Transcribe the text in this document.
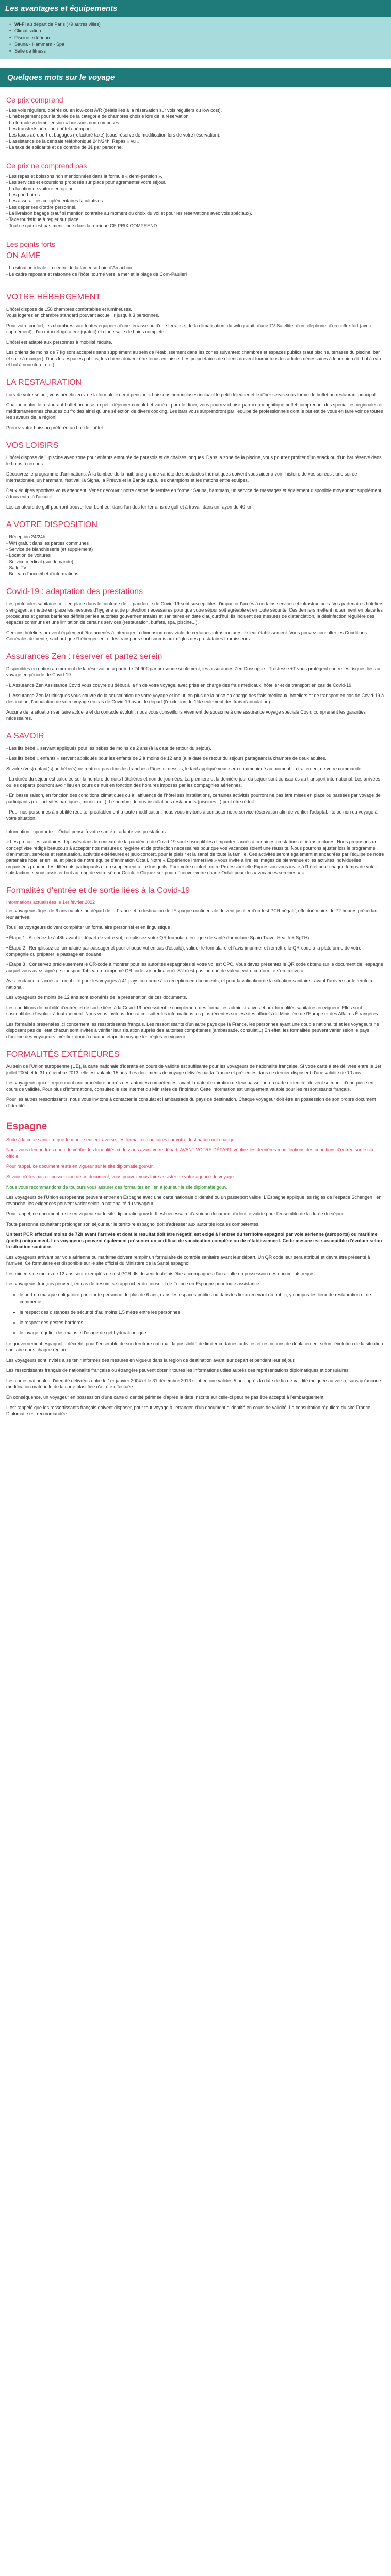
Les avantages et équipements
• Wi-Fi au départ de Paris (+9 autres villes)
• Climatisation
• Piscine extérieure
• Sauna - Hammam - Spa
• Salle de fitness
Quelques mots sur le voyage
Ce prix comprend
- Les vols réguliers, opérés ou en low-cost A/R (délais liés à la réservation sur vols réguliers ou low cost).
- L'hébergement pour la durée de la catégorie de chambres choisie lors de la réservation.
- La formule « demi-pension » boissons non comprises.
- Les transferts aéroport / hôtel / aéroport
- Les taxes aéroport et bagages (refacturé taxe) (sous réserve de modification lors de votre réservation).
- L'assistance de la centrale téléphonique 24h/24h. Repas « vu ».
- La taxe de solidarité et de contrôle de 3€ par personne.
Ce prix ne comprend pas
- Les repas et boissons non mentionnées dans la formule « demi-pension ».
- Les services et excursions proposés sur place pour agrémenter votre séjour.
- La location de voiture en option.
- Les pourboires.
- Les assurances complémentaires facultatives.
- Les dépenses d'ordre personnel.
- La livraison bagage (sauf si mention contraire au moment du choix du vol et pour les réservations avec vols spéciaux).
- Taxe touristique à régler sur place.
- Tout ce qui n'est pas mentionné dans la rubrique CE PRIX COMPREND.
Les points forts
ON AIME
- La situation idéale au centre de la fameuse baie d'Arcachon.
- Le cadre reposant et raisonné de l'hôtel tourné vers la mer et la plage de Corn-Paulier!
VOTRE HÉBERGEMENT

L'hôtel dispose de 158 chambres confortables et lumineuses.
Vous logerez en chambre standard pouvant accueillir jusqu'à 3 personnes.

Pour votre confort, les chambres sont toutes équipées d'une terrasse ou d'une terrasse, de la climatisation, du wifi gratuit, d'une TV Satellite, d'un téléphone, d'un coffre-fort (avec supplément), d'un mini réfrigérateur (gratuit) et d'une salle de bains complète.

L'hôtel est adapté aux personnes à mobilité réduite.

Les chiens de moins de 7 kg sont acceptés sans supplément au sein de l'établissement dans les zones suivantes: chambres et espaces publics (sauf piscine, terrasse du piscine, bar et salle à manger). Dans les espaces publics, les chiens doivent être tenus en laisse. Les propriétaires de chiens doivent fournir tous les articles nécessaires à leur chien (lit, bol à eau et bol à nourriture, etc.).

LA RESTAURATION

Lors de votre séjour, vous bénéficierez de la formule « demi-pension » boissons non incluses incluant le petit-déjeuner et le dîner servis sous forme de buffet au restaurant principal.

Chaque matin, le restaurant buffet propose un petit-déjeuner complet et varié et pour le dîner, vous pourrez choisir parmi un magnifique buffet comprenant des spécialités régionales et méditerranéennes chaudes ou froides ainsi qu'une sélection de divers cooking. Les bars vous surprendront par l'équipe de professionnels dont le but est de vous en faire voir de toutes les saveurs de la région!

Prenez votre boisson préférée au bar de l'hôtel.

VOS LOISIRS

L'hôtel dispose de 1 piscine avec zone pour enfants entourée de parasols et de chaises longues. Dans la zone de la piscine, vous pourrez profiter d'un snack ou d'un bar réservé dans le bains à remous.

Découvrez le programme d'animations. À la tombée de la nuit, une grande variété de spectacles thématiques doivent vous aider à voir l'histoire de vos soirées : une soirée internationale, un hammam, festival, la Signa, la Preuve et la Bandelaque, les champions et les matchs entre équipes.

Deux équipes sportives vous attendent. Venez découvrir notre centre de remise en forme : Sauna, hammam, un service de massages et également disponible moyennant supplément à tous entre à l'accueil.

Les amateurs de golf pourront trouver leur bonheur dans l'un des ter-terrains de golf et à travail dans un rayon de 40 km.

A VOTRE DISPOSITION
- Réception 24/24h
- Wifi gratuit dans les parties communes
- Service de blanchisserie (et supplément)
- Location de voitures
- Service médical (sur demande)
- Salle TV
- Bureau d'accueil et d'informations
Covid-19 : adaptation des prestations

Les protocoles sanitaires mis en place dans le contexte de la pandémie de Covid-19 sont susceptibles d'impacter l'accès à certains services et infrastructures. Vos partenaires hôteliers s'engagent à mettre en place les mesures d'hygiène et de protection nécessaires pour que votre séjour soit agréable et en toute sécurité. Ces derniers mettent notamment en place les procédures et gestes barrières définis par les autorités gouvernementales et sanitaires en date d'aujourd'hui. Ils incluent des mesures de distanciation, la désinfection régulière des espaces communs et une limitation de certains services (restauration, buffets, spa, piscine...).

Certains hôteliers peuvent également être amenés à interroger la dimension conviviale de certaines infrastructures de leur établissement. Vous pouvez consulter les Conditions Générales de Vente, sachant que l'hébergement et les transports sont soumis aux règles des prestataires fournisseurs.

Assurances Zen : réserver et partez serein

Disponibles en option au moment de la réservation à partir de 24.90€ par personne seulement, les assurances Zen Dossoppe - Tréstesse +T vous protègent contre les risques liés au voyage en période de Covid-19.

- L'Assurance Zen Assistance Covid vous couvre du début à la fin de votre voyage, avec prise en charge des frais médicaux, hôtelier et de transport en cas de Covid-19.

- L'Assurance Zen Multirisques vous couvre de la souscription de votre voyage et inclut, en plus de la prise en charge des frais médicaux, hôteliers et de transport en cas de Covid-19 à destination, l'annulation de votre voyage en cas de Covid-19 avant le départ (l'exclusion de 1% seulement des frais d'annulation).

Aucune de la situation sanitaire actuelle et du contexte évolutif, nous vous conseillons vivement de souscrire à une assurance voyage spéciale Covid comprenant les garanties nécessaires.

A SAVOIR

- Les lits bébé « servant appliqués pour les bébés de moins de 2 ans (à la date de retour du séjour).

- Les lits bébé « enfants » servent appliqués pour les enfants de 2 à moins de 12 ans (à la date de retour du séjour) partageant la chambre de deux adultes.

Si votre (vos) enfant(s) ou bébé(s) ne rentrent pas dans les tranches d'âges ci-dessus, le tarif appliqué vous sera communiqué au moment du traitement de votre commande.

- La durée du séjour est calculée sur la nombre de nuits hôtelières et non de journées. La première et la dernière jour du séjour sont consacrés au transport international. Les arrivées ou les départs pourront avoir lieu en cours de nuit en fonction des horaires imposés par les compagnies aériennes.

- En basse saison, en fonction des conditions climatiques ou à l'affluence de l'hôtel ses installations, certaines activités pourront ne pas être mises en place ou passées par voyage de participants (ex : activités nautiques, mini-club...). Le nombre de nos installations restaurants (piscines...) peut être réduit.

- Pour nos personnes à mobilité réduite, préalablement à toute modification, nous vous invitons à contacter notre service réservation afin de vérifier l'adaptabilité ou non du voyage à votre situation.

Information importante : l'Octali pense à votre santé et adapte vos prestations

« Les protocoles sanitaires déployés dans le contexte de la pandémie de Covid-19 sont susceptibles d'impacter l'accès à certaines prestations et infrastructures. Nous proposons un concept vise rédigé beaucoup à accepter nos mesures d'hygiène et de protection nécessaires pour que vos vacances soient une réussite. Nous pourrons ajuster lors le programme d'animation, services et restauration, activités extérieures et jeux-concert, pour le plaisir et la santé de toute la famille. Ces activités seront également et encadrées par l'équipe de notre partenaire hôtelier en lieu et place de notre équipe d'animation Octali. Notre « Expérience Immersive » vous invite à lire les images de bienvenue et les activités individuelles organisées pendant les différents participants et un supplément à lire lorsqu'ils. Pour votre confort, notre Professionnelle Expression vous invite à l'hôtel pour chaque temps de votre satisfaction et vous assister tout au long de votre séjour Octali. « Cliquez sur pour découvrir votre charte Octali pour des « vacances sereines » »

Formalités d'entrée et de sortie liées à la Covid-19
Informations actualisées le 1er février 2022

Les voyageurs âgés de 6 ans ou plus au départ de la France et à destination de l'Espagne continentale doivent justifier d'un test PCR négatif, effectué moins de 72 heures précédant leur arrivée.

Tous les voyageurs doivent compléter un formulaire personnel et en linguistique :

• Étape 1 : Accédez-le à 48h avant le départ de votre vol, remplissez votre QR formulaire en ligne de santé (formulaire Spain Travel Health + SpTH).

• Étape 2 : Remplissez ce formulaire par passager et pour chaque vol en cas d'escale), valider le formulaire et l'avis imprimer et remettre le QR-code à la plateforme de votre compagnie ou préparer le passage en douane.

• Étape 3 : Conservez précieusement le QR-code à montrer pour les autorités espagnoles si votre vol est OPC. Vous devez présentez le QR code obtenu sur le document de l'espagne auquel vous avez signé (le transport Tableau, ou imprimé QR code sur ordinateur). S'il n'est pas indiqué de valeur, votre conformité s'en trouvera.

Avis tendance à l'accès à la mobilité pour les voyages à 41 pays conforme à la réception en documents, et pour la validation de la situation sanitaire : avant l'arrivée sur le territoire national.

Les voyageurs de moins de 12 ans sont exonérés de la présentation de ces documents.

Les conditions de mobilité d'entrée et de sortie liées à la Covid-19 nécessitent le complément des formalités administratives et aux formalités sanitaires en vigueur. Elles sont susceptibles d'évoluer à tout moment. Nous vous invitons donc à consulter les informations les plus récentes sur les sites officiels du Ministère de l'Europe et des Affaires Étrangères.

Les formalités présentées ici concernent les ressortissants français. Les ressortissants d'un autre pays que la France, les personnes ayant une double nationalité et les voyageurs ne disposant pas de l'état chacun sont invités à vérifier leur situation auprès des autorités compétentes (ambassade, consulat...) En effet, les formalités peuvent varier selon le pays d'origine des voyageurs ; vérifiez donc à chaque étape du voyage les règles en vigueur.

FORMALITÉS EXTÉRIEURES

Au sein de l'Union européenne (UE), la carte nationale d'identité en cours de validité est suffisante pour les voyageurs de nationalité française. Si votre carte a été délivrée entre le 1er juillet 2004 et le 31 décembre 2013, elle est valable 15 ans. Les documents de voyage délivrés par la France et présentés dans ce dernier disposent d'une validité de 10 ans.

Les voyageurs qui entreprennent une procédure auprès des autorités compétentes, avant la date d'expiration de leur passeport ou carte d'identité, doivent se munir d'une pièce en cours de validité. Pour plus d'informations, consultez le site internet du Ministère de l'Intérieur. Cette information est uniquement valable pour les ressortissants français.

Pour les autres ressortissants, nous vous invitons à contacter le consulat et l'ambassade du pays de destination. Chaque voyageur doit être en possession de son propre document d'identité.

Espagne

Suite à la crise sanitaire que le monde entier traverse, les formalités sanitaires sur votre destination ont changé.

Nous vous demandons donc de vérifier les formalités ci-dessous avant votre départ. AVANT VOTRE DÉPART, vérifiez les dernières modifications des conditions d'entrée sur le site officiel.

Pour rappel, ce document reste en vigueur sur le site diplomatie.gouv.fr.

Si vous n'êtes pas en possession de ce document, vous pouvez vous faire assister de votre agence de voyage.

Nous vous recommandons de toujours vous assurer des formalités en lien à jour sur le site diplomatie.gouv.

Les voyageurs de l'Union européenne peuvent entrer en Espagne avec une carte nationale d'identité ou un passeport valide. L'Espagne applique les règles de l'espace Schengen ; en revanche, les exigences peuvent varier selon la nationalité du voyageur.

Pour rappel, ce document reste en vigueur sur le site diplomatie.gouv.fr. Il est nécessaire d'avoir un document d'identité valide pour l'ensemble de la durée du séjour.

Toute personne souhaitant prolonger son séjour sur le territoire espagnol doit s'adresser aux autorités locales compétentes.

Un test PCR effectué moins de 72h avant l'arrivée et dont le résultat doit être négatif, est exigé à l'entrée du territoire espagnol par voie aérienne (aéroports) ou maritime (ports) uniquement. Les voyageurs peuvent également présenter un certificat de vaccination complète ou de rétablissement. Cette mesure est susceptible d'évoluer selon la situation sanitaire.

Les voyageurs arrivant par voie aérienne ou maritime doivent remplir un formulaire de contrôle sanitaire avant leur départ. Un QR code leur sera attribué et devra être présenté à l'arrivée. Ce formulaire est disponible sur le site officiel du Ministère de la Santé espagnol.

Les mineurs de moins de 12 ans sont exemptés de test PCR. Ils doivent toutefois être accompagnés d'un adulte en possession des documents requis.

Les voyageurs français peuvent, en cas de besoin, se rapprocher du consulat de France en Espagne pour toute assistance.

• le port du masque obligatoire pour toute personne de plus de 6 ans, dans les espaces publics ou dans les lieux recevant du public, y compris les lieux de restauration et de commerce ;
• le respect des distances de sécurité d'au moins 1,5 mètre entre les personnes ;
• le respect des gestes barrières ;
• le lavage régulier des mains et l'usage de gel hydroalcoolique.

Le gouvernement espagnol a décrété, pour l'ensemble de son territoire national, la possibilité de limiter certaines activités et restrictions de déplacement selon l'évolution de la situation sanitaire dans chaque région.

Les voyageurs sont invités à se tenir informés des mesures en vigueur dans la région de destination avant leur départ et pendant leur séjour.

Les ressortissants français de nationalité française ou étrangère peuvent obtenir toutes les informations utiles auprès des représentations diplomatiques et consulaires.

Les cartes nationales d'identité délivrées entre le 1er janvier 2004 et le 31 décembre 2013 sont encore valides 5 ans après la date de fin de validité indiquée au verso, sans qu'aucune modification matérielle de la carte plastifiée n'ait été effectuée.

En conséquence, un voyageur en possession d'une carte d'identité périmée d'après la date inscrite sur celle-ci peut ne pas être accepté à l'embarquement.

Il est rappelé que les ressortissants français doivent disposer, pour tout voyage à l'étranger, d'un document d'identité en cours de validité. La consultation régulière du site France Diplomatie est recommandée.
